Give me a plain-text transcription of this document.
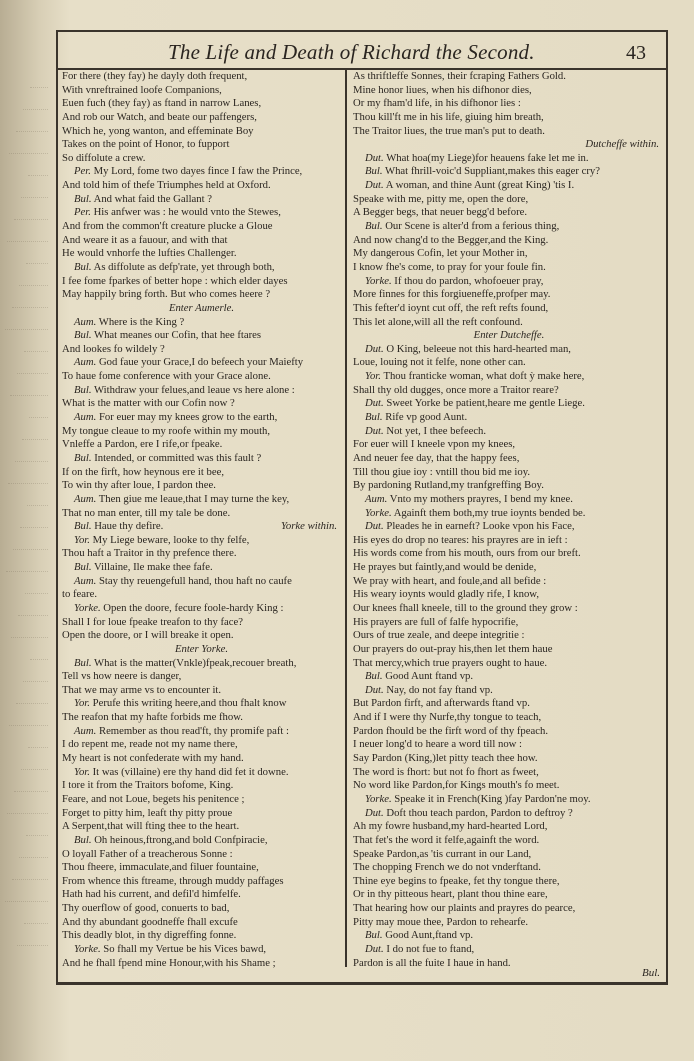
The Life and Death of Richard the Second.	43
For there (they fay) he dayly doth frequent,
With vnreftrained loofe Companions,
Euen fuch (they fay) as ftand in narrow Lanes,
And rob our Watch, and beate our paffengers,
Which he, yong wanton, and effeminate Boy
Takes on the point of Honor, to fupport
So diffolute a crew.
Per. My Lord, fome two dayes fince I faw the Prince,
And told him of thefe Triumphes held at Oxford.
Bul. And what faid the Gallant ?
Per. His anfwer was : he would vnto the Stewes,
And from the common'ft creature plucke a Gloue
And weare it as a fauour, and with that
He would vnhorfe the lufties Challenger.
Bul. As diffolute as defp'rate, yet through both,
I fee fome fparkes of better hope : which elder dayes
May happily bring forth. But who comes heere ?
Enter Aumerle.
Aum. Where is the King ?
Bul. What meanes our Cofin, that hee ftares
And lookes fo wildely ?
Aum. God faue your Grace,I do befeech your Maiefty
To haue fome conference with your Grace alone.
Bul. Withdraw your felues,and leaue vs here alone :
What is the matter with our Cofin now ?
Aum. For euer may my knees grow to the earth,
My tongue cleaue to my roofe within my mouth,
Vnleffe a Pardon, ere I rife,or fpeake.
Bul. Intended, or committed was this fault ?
If on the firft, how heynous ere it bee,
To win thy after loue, I pardon thee.
Aum. Then giue me leaue,that I may turne the key,
That no man enter, till my tale be done.
Bul. Haue thy defire.	Yorke within.
Yor. My Liege beware, looke to thy felfe,
Thou haft a Traitor in thy prefence there.
Bul. Villaine, Ile make thee fafe.
Aum. Stay thy reuengefull hand, thou haft no caufe
to feare.
Yorke. Open the doore, fecure foole-hardy King :
Shall I for loue fpeake treafon to thy face?
Open the doore, or I will breake it open.
Enter Yorke.
Bul. What is the matter(Vnkle)fpeak,recouer breath,
Tell vs how neere is danger,
That we may arme vs to encounter it.
Yor. Perufe this writing heere,and thou fhalt know
The reafon that my hafte forbids me fhow.
Aum. Remember as thou read'ft, thy promife paft :
I do repent me, reade not my name there,
My heart is not confederate with my hand.
Yor. It was (villaine) ere thy hand did fet it downe.
I tore it from the Traitors bofome, King.
Feare, and not Loue, begets his penitence ;
Forget to pitty him, leaft thy pitty proue
A Serpent,that will fting thee to the heart.
Bul. Oh heinous,ftrong,and bold Confpiracie,
O loyall Father of a treacherous Sonne :
Thou fheere, immaculate,and filuer fountaine,
From whence this ftreame, through muddy paffages
Hath had his current, and defil'd himfelfe.
Thy ouerflow of good, conuerts to bad,
And thy abundant goodneffe fhall excufe
This deadly blot, in thy digreffing fonne.
Yorke. So fhall my Vertue be his Vices bawd,
And he fhall fpend mine Honour,with his Shame ;
As thriftleffe Sonnes, their fcraping Fathers Gold.
Mine honor liues, when his difhonor dies,
Or my fham'd life, in his difhonor lies :
Thou kill'ft me in his life, giuing him breath,
The Traitor liues, the true man's put to death.
Dutcheffe within.
Dut. What hoa(my Liege)for heauens fake let me in.
Bul. What fhrill-voic'd Suppliant,makes this eager cry?
Dut. A woman, and thine Aunt (great King) 'tis I.
Speake with me, pitty me, open the dore,
A Begger begs, that neuer begg'd before.
Bul. Our Scene is alter'd from a ferious thing,
And now chang'd to the Begger,and the King.
My dangerous Cofin, let your Mother in,
I know fhe's come, to pray for your foule fin.
Yorke. If thou do pardon, whofoeuer pray,
More finnes for this forgiueneffe,profper may.
This fefter'd ioynt cut off, the reft refts found,
This let alone,will all the reft confound.
Enter Dutcheffe.
Dut. O King, beleeue not this hard-hearted man,
Loue, louing not it felfe, none other can.
Yor. Thou franticke woman, what doft ỳ make here,
Shall thy old dugges, once more a Traitor reare?
Dut. Sweet Yorke be patient,heare me gentle Liege.
Bul. Rife vp good Aunt.
Dut. Not yet, I thee befeech.
For euer will I kneele vpon my knees,
And neuer fee day, that the happy fees,
Till thou giue ioy : vntill thou bid me ioy.
By pardoning Rutland,my tranfgreffing Boy.
Aum. Vnto my mothers prayres, I bend my knee.
Yorke. Againft them both,my true ioynts bended be.
Dut. Pleades he in earneft? Looke vpon his Face,
His eyes do drop no teares: his prayres are in ieft :
His words come from his mouth, ours from our breft.
He prayes but faintly,and would be denide,
We pray with heart, and foule,and all befide :
His weary ioynts would gladly rife, I know,
Our knees fhall kneele, till to the ground they grow :
His prayers are full of falfe hypocrifie,
Ours of true zeale, and deepe integritie :
Our prayers do out-pray his,then let them haue
That mercy,which true prayers ought to haue.
Bul. Good Aunt ftand vp.
Dut. Nay, do not fay ftand vp.
But Pardon firft, and afterwards ftand vp.
And if I were thy Nurfe,thy tongue to teach,
Pardon fhould be the firft word of thy fpeach.
I neuer long'd to heare a word till now :
Say Pardon (King,)let pitty teach thee how.
The word is fhort: but not fo fhort as fweet,
No word like Pardon,for Kings mouth's fo meet.
Yorke. Speake it in French(King )fay Pardon'ne moy.
Dut. Doft thou teach pardon, Pardon to deftroy ?
Ah my fowre husband,my hard-hearted Lord,
That fet's the word it felfe,againft the word.
Speake Pardon,as 'tis currant in our Land,
The chopping French we do not vnderftand.
Thine eye begins to fpeake, fet thy tongue there,
Or in thy pitteous heart, plant thou thine eare,
That hearing how our plaints and prayres do pearce,
Pitty may moue thee, Pardon to rehearfe.
Bul. Good Aunt,ftand vp.
Dut. I do not fue to ftand,
Pardon is all the fuite I haue in hand.
Bul.
